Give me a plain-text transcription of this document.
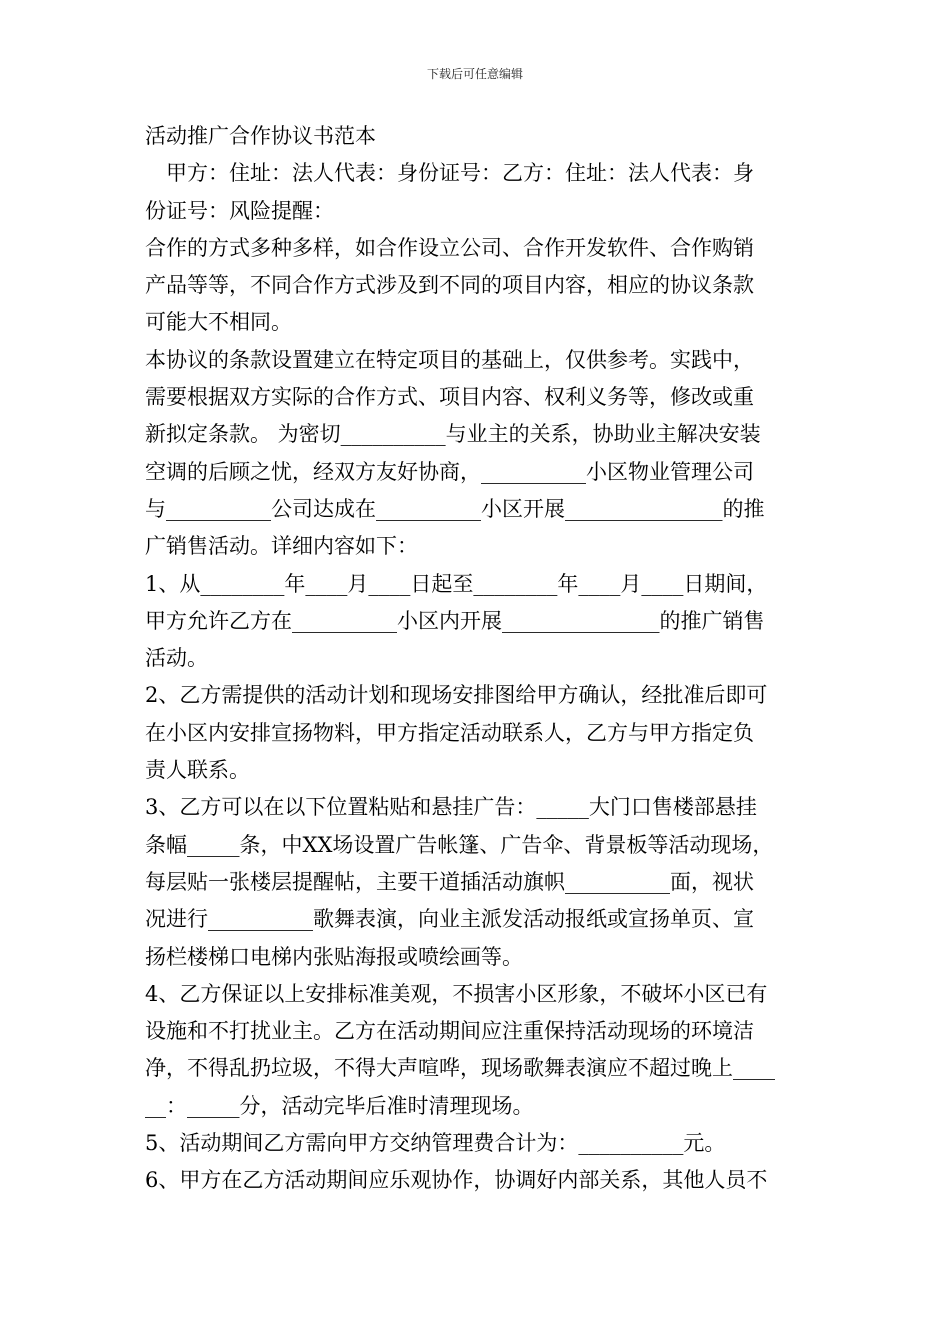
下载后可任意编辑
活动推广合作协议书范本
　甲方：住址：法人代表：身份证号：乙方：住址：法人代表：身
份证号：风险提醒：
合作的方式多种多样，如合作设立公司、合作开发软件、合作购销
产品等等，不同合作方式涉及到不同的项目内容，相应的协议条款
可能大不相同。
本协议的条款设置建立在特定项目的基础上，仅供参考。实践中，
需要根据双方实际的合作方式、项目内容、权利义务等，修改或重
新拟定条款。 为密切__________与业主的关系，协助业主解决安装
空调的后顾之忧，经双方友好协商，__________小区物业管理公司
与__________公司达成在__________小区开展_______________的推
广销售活动。详细内容如下：
1、从________年____月____日起至________年____月____日期间，
甲方允许乙方在__________小区内开展_______________的推广销售
活动。
2、乙方需提供的活动计划和现场安排图给甲方确认，经批准后即可
在小区内安排宣扬物料，甲方指定活动联系人，乙方与甲方指定负
责人联系。
3、乙方可以在以下位置粘贴和悬挂广告：_____大门口售楼部悬挂
条幅_____条，中XX场设置广告帐篷、广告伞、背景板等活动现场，
每层贴一张楼层提醒帖，主要干道插活动旗帜__________面，视状
况进行__________歌舞表演，向业主派发活动报纸或宣扬单页、宣
扬栏楼梯口电梯内张贴海报或喷绘画等。
4、乙方保证以上安排标准美观，不损害小区形象，不破坏小区已有
设施和不打扰业主。乙方在活动期间应注重保持活动现场的环境洁
净，不得乱扔垃圾，不得大声喧哗，现场歌舞表演应不超过晚上____
__：_____分，活动完毕后准时清理现场。
5、活动期间乙方需向甲方交纳管理费合计为：__________元。
6、甲方在乙方活动期间应乐观协作，协调好内部关系，其他人员不
